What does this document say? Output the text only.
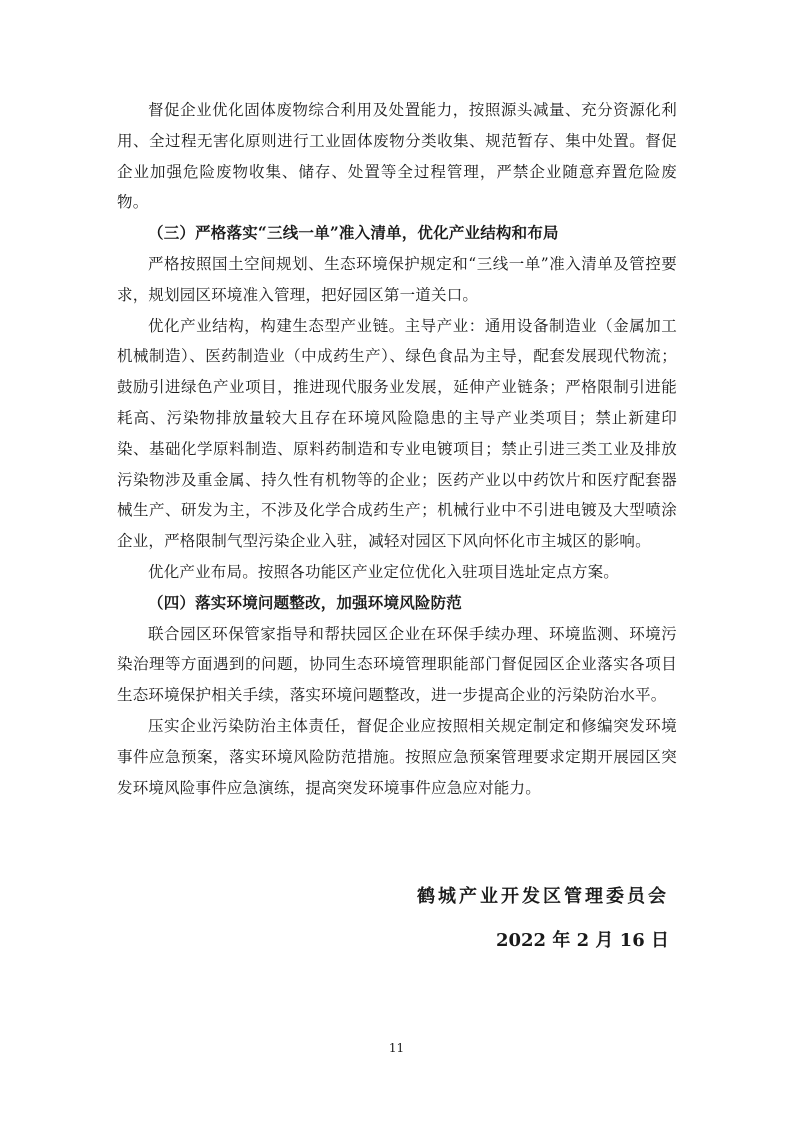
督促企业优化固体废物综合利用及处置能力，按照源头减量、充分资源化利用、全过程无害化原则进行工业固体废物分类收集、规范暂存、集中处置。督促企业加强危险废物收集、储存、处置等全过程管理，严禁企业随意弃置危险废物。

（三）严格落实“三线一单”准入清单，优化产业结构和布局

严格按照国土空间规划、生态环境保护规定和“三线一单”准入清单及管控要求，规划园区环境准入管理，把好园区第一道关口。

优化产业结构，构建生态型产业链。主导产业：通用设备制造业（金属加工机械制造）、医药制造业（中成药生产）、绿色食品为主导，配套发展现代物流；鼓励引进绿色产业项目，推进现代服务业发展，延伸产业链条；严格限制引进能耗高、污染物排放量较大且存在环境风险隐患的主导产业类项目；禁止新建印染、基础化学原料制造、原料药制造和专业电镀项目；禁止引进三类工业及排放污染物涉及重金属、持久性有机物等的企业；医药产业以中药饮片和医疗配套器械生产、研发为主，不涉及化学合成药生产；机械行业中不引进电镀及大型喷涂企业，严格限制气型污染企业入驻，减轻对园区下风向怀化市主城区的影响。

优化产业布局。按照各功能区产业定位优化入驻项目选址定点方案。

（四）落实环境问题整改，加强环境风险防范

联合园区环保管家指导和帮扶园区企业在环保手续办理、环境监测、环境污染治理等方面遇到的问题，协同生态环境管理职能部门督促园区企业落实各项目生态环境保护相关手续，落实环境问题整改，进一步提高企业的污染防治水平。

压实企业污染防治主体责任，督促企业应按照相关规定制定和修编突发环境事件应急预案，落实环境风险防范措施。按照应急预案管理要求定期开展园区突发环境风险事件应急演练，提高突发环境事件应急应对能力。

鹤城产业开发区管理委员会

2022 年 2 月 16 日

11
